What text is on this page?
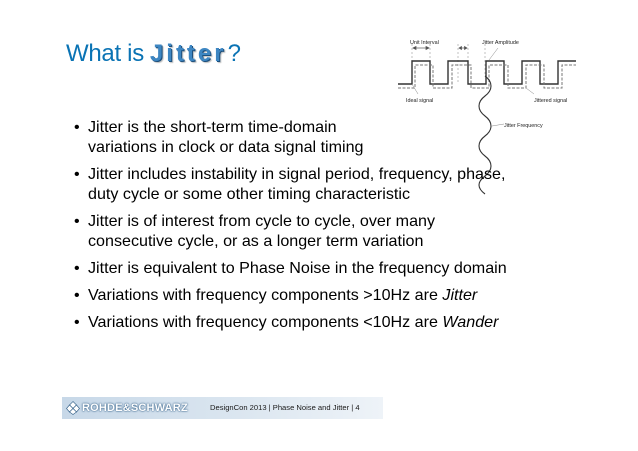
What is Jitter ?	Unit Interval	Jitter Amplitude
Ideal signal	Jittered signal
Jitter Frequency
• Jitter is the short-term time-domain
variations in clock or data signal timing
• Jitter includes instability in signal period, frequency, phase,
duty cycle or some other timing characteristic
• Jitter is of interest from cycle to cycle, over many
consecutive cycle, or as a longer term variation
• Jitter is equivalent to Phase Noise in the frequency domain
• Variations with frequency components >10Hz are Jitter
• Variations with frequency components <10Hz are Wander
ROHDE&SCHWARZ	DesignCon 2013 | Phase Noise and Jitter | 4
